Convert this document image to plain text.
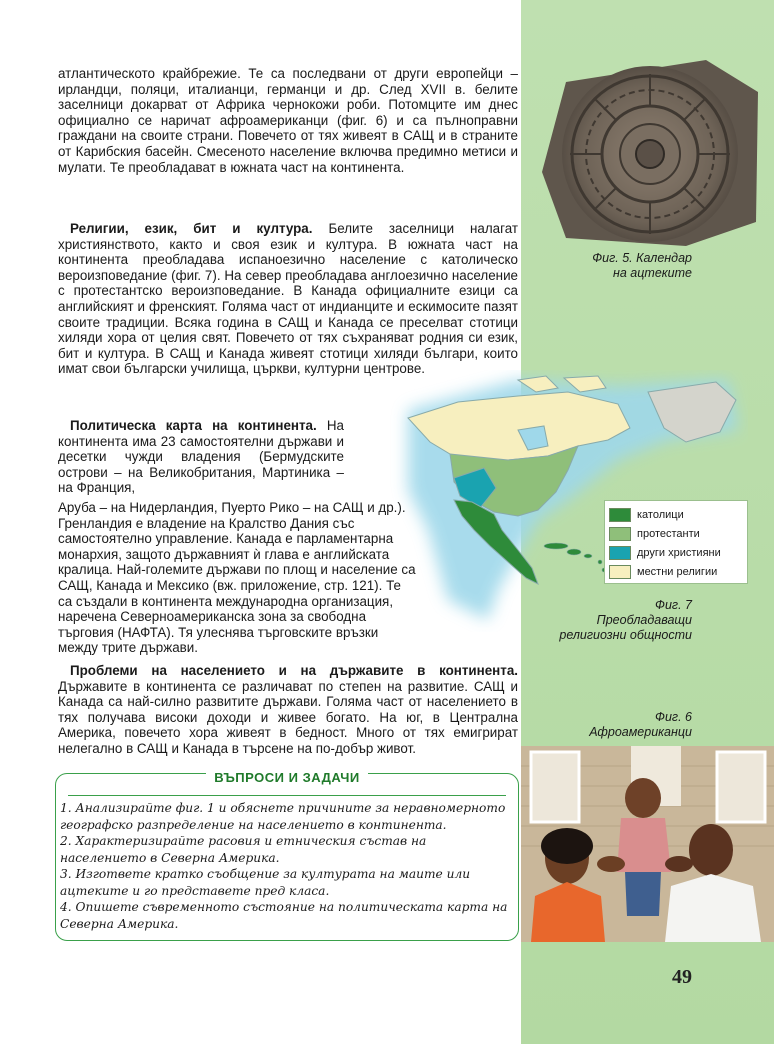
атлантическото крайбрежие. Те са последвани от други европейци – ирландци, поляци, италианци, германци и др. След XVII в. белите заселници докарват от Африка чернокожи роби. Потомците им днес официално се наричат афроамериканци (фиг. 6) и са пълноправни граждани на своите страни. Повечето от тях живеят в САЩ и в страните от Карибския басейн. Смесеното население включва предимно метиси и мулати. Те преобладават в южната част на континента.

Религии, език, бит и култура. Белите заселници налагат християнството, както и своя език и култура. В южната част на континента преобладава испаноезично население с католическо вероизповедание (фиг. 7). На север преобладава англоезично население с протестантско вероизповедание. В Канада официалните езици са английският и френският. Голяма част от индианците и ескимосите пазят своите традиции. Всяка година в САЩ и Канада се преселват стотици хиляди хора от целия свят. Повечето от тях съхраняват родния си език, бит и култура. В САЩ и Канада живеят стотици хиляди българи, които имат свои български училища, църкви, културни центрове.

Политическа карта на континента. На континента има 23 самостоятелни държави и десетки чужди владения (Бермудските острови – на Великобритания, Мартиника – на Франция,

Аруба – на Нидерландия, Пуерто Рико – на САЩ и др.). Гренландия е владение на Кралство Дания със самостоятелно управление. Канада е парламентарна монархия, защото държавният ѝ глава е английската кралица. Най-големите държави по площ и население са САЩ, Канада и Мексико (вж. приложение, стр. 121). Те са създали в континента международна организация, наречена Северноамериканска зона за свободна търговия (НАФТА). Тя улеснява търговските връзки между трите държави.

Проблеми на населението и на държавите в континента. Държавите в континента се различават по степен на развитие. САЩ и Канада са най-силно развитите държави. Голяма част от населението в тях получава високи доходи и живее богато. На юг, в Централна Америка, повечето хора живеят в бедност. Много от тях емигрират нелегално в САЩ и Канада в търсене на по-добър живот.

Фиг. 5. Календар
на ацтеките

католици
протестанти
други християни
местни религии

Фиг. 7
Преобладаващи
религиозни общности

Фиг. 6
Афроамериканци

ВЪПРОСИ И ЗАДАЧИ

1. Анализирайте фиг. 1 и обяснете причините за неравномерното географско разпределение на населението в континента.

2. Характеризирайте расовия и етническия състав на населението в Северна Америка.

3. Изгответе кратко съобщение за културата на маите или ацтеките и го представете пред класа.

4. Опишете съвременното състояние на политическата карта на Северна Америка.

49
